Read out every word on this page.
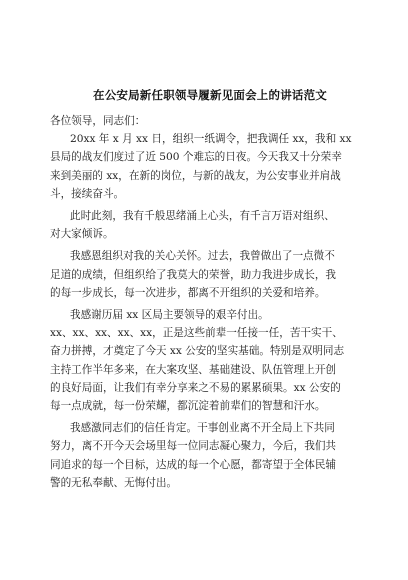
在公安局新任职领导履新见面会上的讲话范文

各位领导，同志们：

20xx 年 x 月 xx 日，组织一纸调令，把我调任 xx，我和 xx
县局的战友们度过了近 500 个难忘的日夜。今天我又十分荣幸
来到美丽的 xx，在新的岗位，与新的战友，为公安事业并肩战
斗，接续奋斗。

此时此刻，我有千般思绪涌上心头，有千言万语对组织、
对大家倾诉。

我感恩组织对我的关心关怀。过去，我曾做出了一点微不
足道的成绩，但组织给了我莫大的荣誉，助力我进步成长，我
的每一步成长，每一次进步，都离不开组织的关爱和培养。

我感谢历届 xx 区局主要领导的艰辛付出。

xx、xx、xx、xx、xx，正是这些前辈一任接一任，苦干实干、
奋力拼搏，才奠定了今天 xx 公安的坚实基础。特别是双明同志
主持工作半年多来，在大案攻坚、基础建设、队伍管理上开创
的良好局面，让我们有幸分享来之不易的累累硕果。xx 公安的
每一点成就，每一份荣耀，都沉淀着前辈们的智慧和汗水。

我感激同志们的信任肯定。干事创业离不开全局上下共同
努力，离不开今天会场里每一位同志凝心聚力，今后，我们共
同追求的每一个目标，达成的每一个心愿，都寄望于全体民辅
警的无私奉献、无悔付出。
